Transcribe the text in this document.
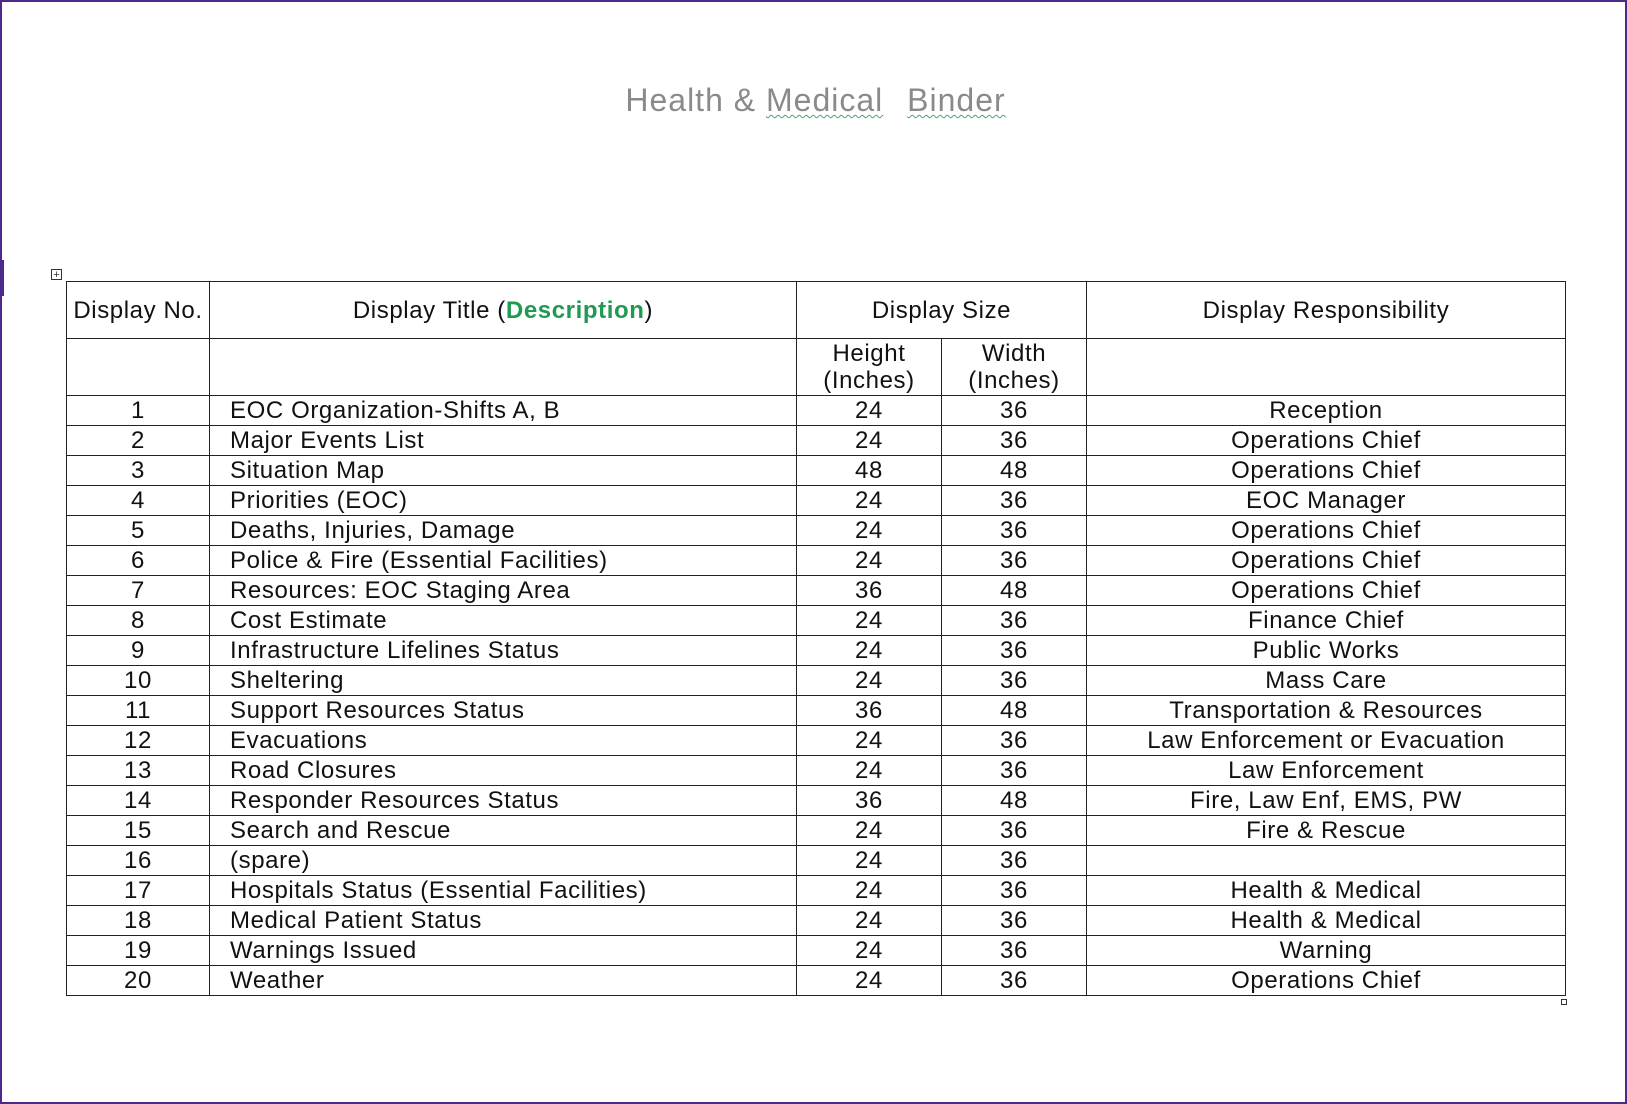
Health & Medical Binder
+
Display No.	Display Title (Description)	Display Size		Display Responsibility
		Height (Inches)	Width (Inches)	
1	EOC Organization-Shifts A, B	24	36	Reception
2	Major Events List	24	36	Operations Chief
3	Situation Map	48	48	Operations Chief
4	Priorities (EOC)	24	36	EOC Manager
5	Deaths, Injuries, Damage	24	36	Operations Chief
6	Police & Fire (Essential Facilities)	24	36	Operations Chief
7	Resources: EOC Staging Area	36	48	Operations Chief
8	Cost Estimate	24	36	Finance Chief
9	Infrastructure Lifelines Status	24	36	Public Works
10	Sheltering	24	36	Mass Care
11	Support Resources Status	36	48	Transportation & Resources
12	Evacuations	24	36	Law Enforcement or Evacuation
13	Road Closures	24	36	Law Enforcement
14	Responder Resources Status	36	48	Fire, Law Enf, EMS, PW
15	Search and Rescue	24	36	Fire & Rescue
16	(spare)	24	36	
17	Hospitals Status (Essential Facilities)	24	36	Health & Medical
18	Medical Patient Status	24	36	Health & Medical
19	Warnings Issued	24	36	Warning
20	Weather	24	36	Operations Chief
